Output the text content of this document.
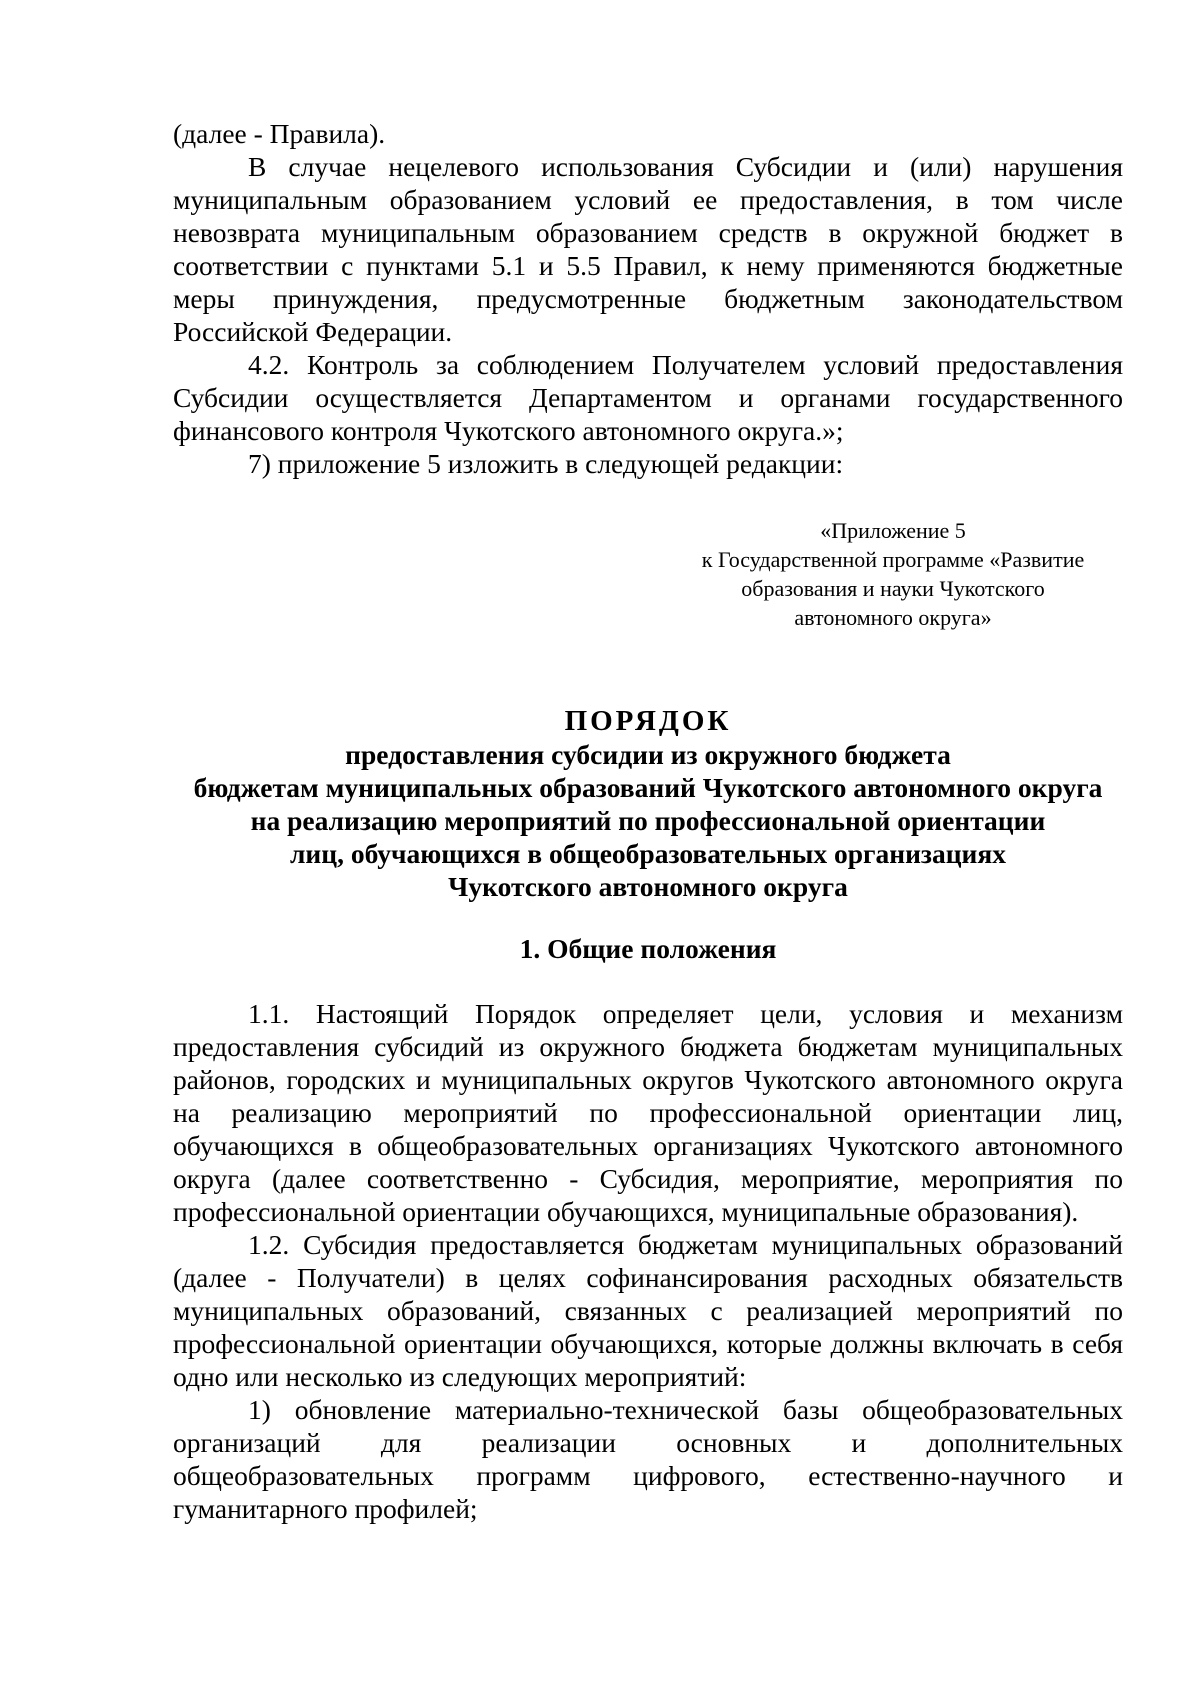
(далее - Правила).

В случае нецелевого использования Субсидии и (или) нарушения муниципальным образованием условий ее предоставления, в том числе невозврата муниципальным образованием средств в окружной бюджет в соответствии с пунктами 5.1 и 5.5 Правил, к нему применяются бюджетные меры принуждения, предусмотренные бюджетным законодательством Российской Федерации.

4.2. Контроль за соблюдением Получателем условий предоставления Субсидии осуществляется Департаментом и органами государственного финансового контроля Чукотского автономного округа.»;

7) приложение 5 изложить в следующей редакции:

«Приложение 5
к Государственной программе «Развитие
образования и науки Чукотского
автономного округа»
ПОРЯДОК
предоставления субсидии из окружного бюджета
бюджетам муниципальных образований Чукотского автономного округа
на реализацию мероприятий по профессиональной ориентации
лиц, обучающихся в общеобразовательных организациях
Чукотского автономного округа
1. Общие положения

1.1. Настоящий Порядок определяет цели, условия и механизм предоставления субсидий из окружного бюджета бюджетам муниципальных районов, городских и муниципальных округов Чукотского автономного округа на реализацию мероприятий по профессиональной ориентации лиц, обучающихся в общеобразовательных организациях Чукотского автономного округа (далее соответственно - Субсидия, мероприятие, мероприятия по профессиональной ориентации обучающихся, муниципальные образования).

1.2. Субсидия предоставляется бюджетам муниципальных образований (далее - Получатели) в целях софинансирования расходных обязательств муниципальных образований, связанных с реализацией мероприятий по профессиональной ориентации обучающихся, которые должны включать в себя одно или несколько из следующих мероприятий:

1) обновление материально-технической базы общеобразовательных организаций для реализации основных и дополнительных общеобразовательных программ цифрового, естественно-научного и гуманитарного профилей;
